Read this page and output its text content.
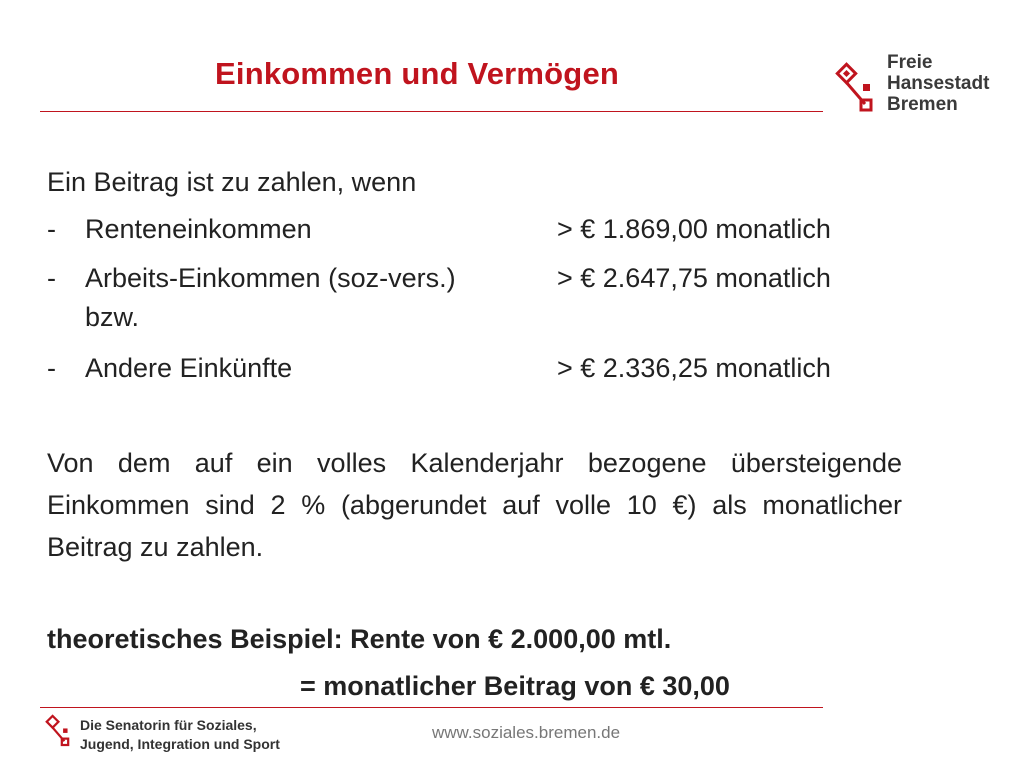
Einkommen und Vermögen	Freie
Hansestadt
Bremen
Ein Beitrag ist zu zahlen, wenn
- Renteneinkommen	> € 1.869,00 monatlich
- Arbeits-Einkommen (soz-vers.)	> € 2.647,75 monatlich
bzw.
- Andere Einkünfte	> € 2.336,25 monatlich
Von dem auf ein volles Kalenderjahr bezogene übersteigende Einkommen sind 2 % (abgerundet auf volle 10 €) als monatlicher Beitrag zu zahlen.
theoretisches Beispiel: Rente von € 2.000,00 mtl.
= monatlicher Beitrag von € 30,00
Die Senatorin für Soziales,
Jugend, Integration und Sport
www.soziales.bremen.de
